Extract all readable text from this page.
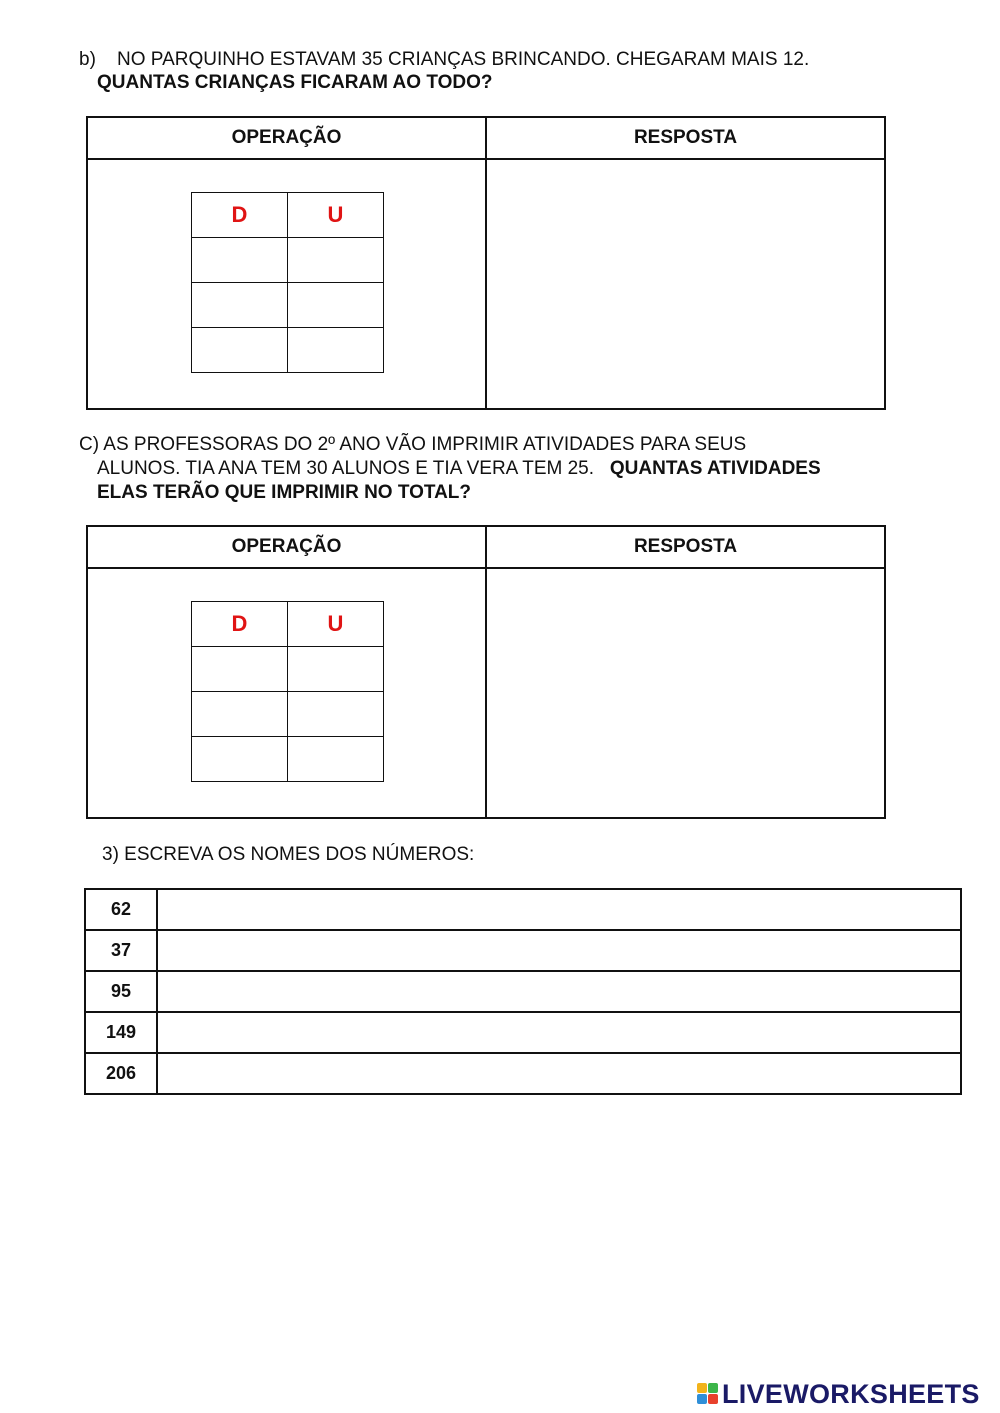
b) NO PARQUINHO ESTAVAM 35 CRIANÇAS BRINCANDO. CHEGARAM MAIS 12.
QUANTAS CRIANÇAS FICARAM AO TODO?
OPERAÇÃO	RESPOSTA

D	U

C) AS PROFESSORAS DO 2º ANO VÃO IMPRIMIR ATIVIDADES PARA SEUS
ALUNOS. TIA ANA TEM 30 ALUNOS E TIA VERA TEM 25. QUANTAS ATIVIDADES
ELAS TERÃO QUE IMPRIMIR NO TOTAL?
OPERAÇÃO	RESPOSTA

D	U

3) ESCREVA OS NOMES DOS NÚMEROS:
62	
37	
95	
149	
206	
LIVEWORKSHEETS
